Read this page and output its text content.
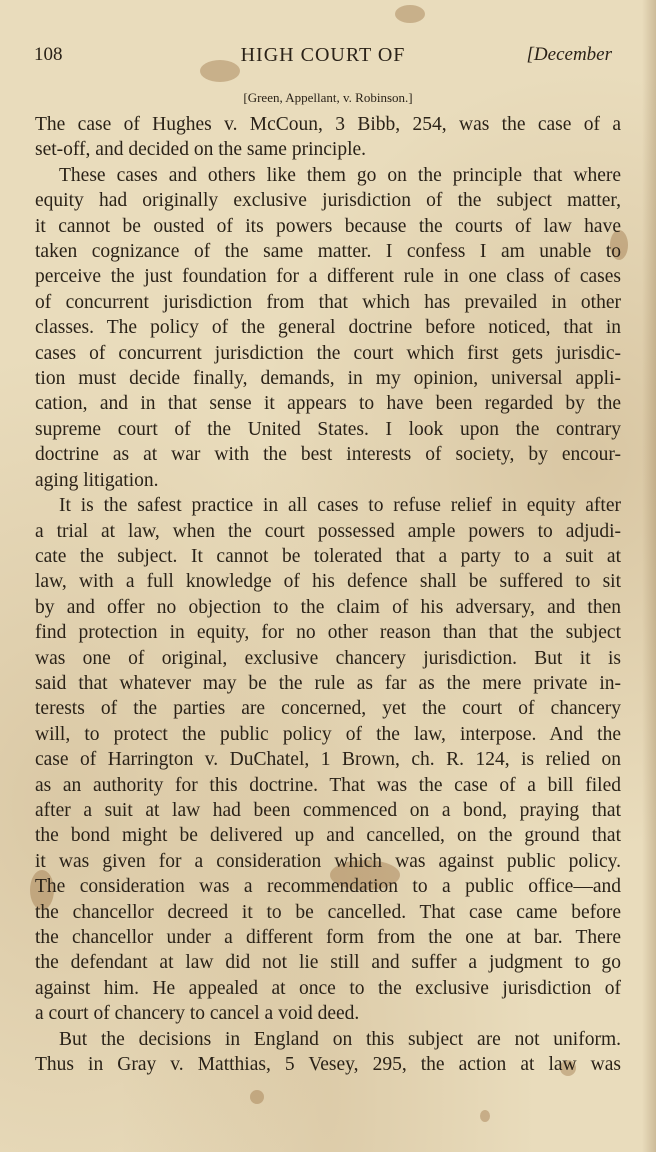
108	HIGH COURT OF	[December
[Green, Appellant, v. Robinson.]

The case of Hughes v. McCoun, 3 Bibb, 254, was the case of a

set-off, and decided on the same principle.

These cases and others like them go on the principle that where
equity had originally exclusive jurisdiction of the subject matter,
it cannot be ousted of its powers because the courts of law have
taken cognizance of the same matter. I confess I am unable to
perceive the just foundation for a different rule in one class of cases
of concurrent jurisdiction from that which has prevailed in other
classes. The policy of the general doctrine before noticed, that in
cases of concurrent jurisdiction the court which first gets jurisdic-
tion must decide finally, demands, in my opinion, universal appli-
cation, and in that sense it appears to have been regarded by the
supreme court of the United States. I look upon the contrary
doctrine as at war with the best interests of society, by encour-

aging litigation.

It is the safest practice in all cases to refuse relief in equity after
a trial at law, when the court possessed ample powers to adjudi-
cate the subject. It cannot be tolerated that a party to a suit at
law, with a full knowledge of his defence shall be suffered to sit
by and offer no objection to the claim of his adversary, and then
find protection in equity, for no other reason than that the subject
was one of original, exclusive chancery jurisdiction. But it is
said that whatever may be the rule as far as the mere private in-
terests of the parties are concerned, yet the court of chancery
will, to protect the public policy of the law, interpose. And the
case of Harrington v. DuChatel, 1 Brown, ch. R. 124, is relied on
as an authority for this doctrine. That was the case of a bill filed
after a suit at law had been commenced on a bond, praying that
the bond might be delivered up and cancelled, on the ground that
it was given for a consideration which was against public policy.
The consideration was a recommendation to a public office—and
the chancellor decreed it to be cancelled. That case came before
the chancellor under a different form from the one at bar. There
the defendant at law did not lie still and suffer a judgment to go
against him. He appealed at once to the exclusive jurisdiction of

a court of chancery to cancel a void deed.

But the decisions in England on this subject are not uniform.
Thus in Gray v. Matthias, 5 Vesey, 295, the action at law was
